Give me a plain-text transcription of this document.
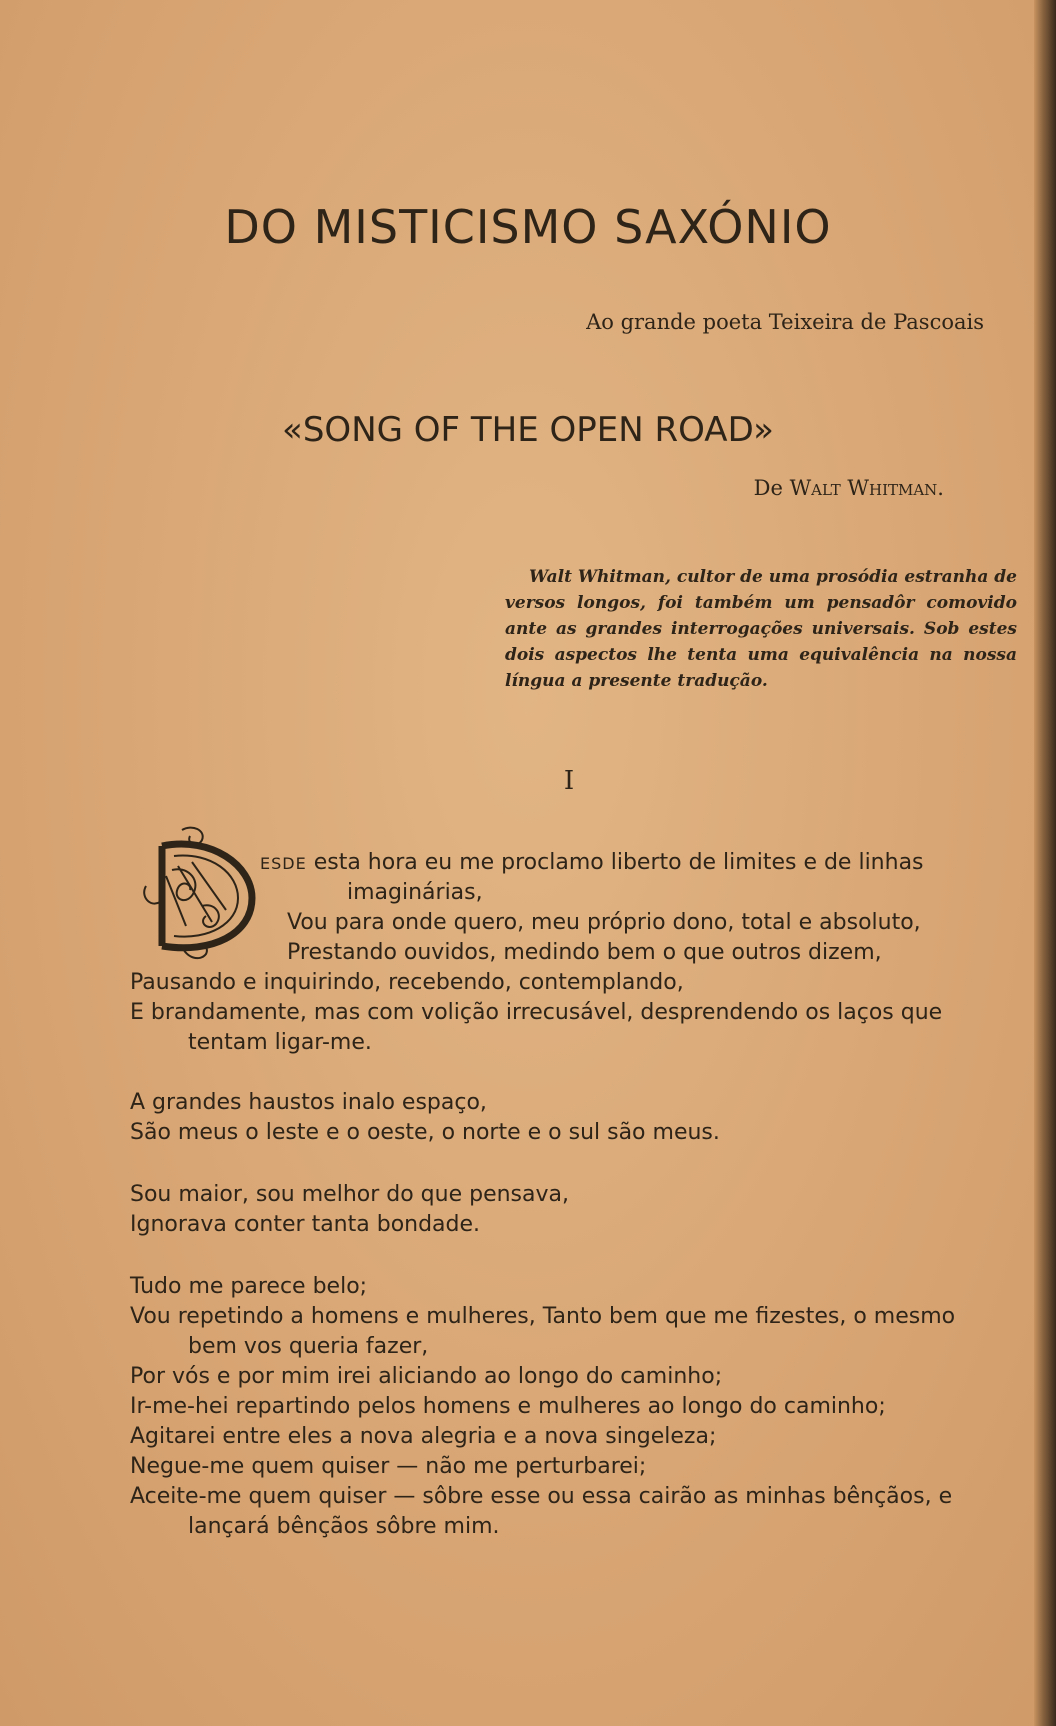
DO MISTICISMO SAXÓNIO
Ao grande poeta Teixeira de Pascoais
«SONG OF THE OPEN ROAD»
De Walt Whitman.

Walt Whitman, cultor de uma prosódia estranha de versos longos, foi também um pensadôr comovido ante as grandes interrogações universais. Sob estes dois aspectos lhe tenta uma equivalência na nossa língua a presente tradução.

I
ESDE esta hora eu me proclamo liberto de limites e de linhas
imaginárias,
Vou para onde quero, meu próprio dono, total e absoluto,
Prestando ouvidos, medindo bem o que outros dizem,
Pausando e inquirindo, recebendo, contemplando,
E brandamente, mas com volição irrecusável, desprendendo os laços que
tentam ligar-me.
A grandes haustos inalo espaço,
São meus o leste e o oeste, o norte e o sul são meus.
Sou maior, sou melhor do que pensava,
Ignorava conter tanta bondade.
Tudo me parece belo;
Vou repetindo a homens e mulheres, Tanto bem que me fizestes, o mesmo
bem vos queria fazer,
Por vós e por mim irei aliciando ao longo do caminho;
Ir-me-hei repartindo pelos homens e mulheres ao longo do caminho;
Agitarei entre eles a nova alegria e a nova singeleza;
Negue-me quem quiser — não me perturbarei;
Aceite-me quem quiser — sôbre esse ou essa cairão as minhas bênçãos, e
lançará bênçãos sôbre mim.
